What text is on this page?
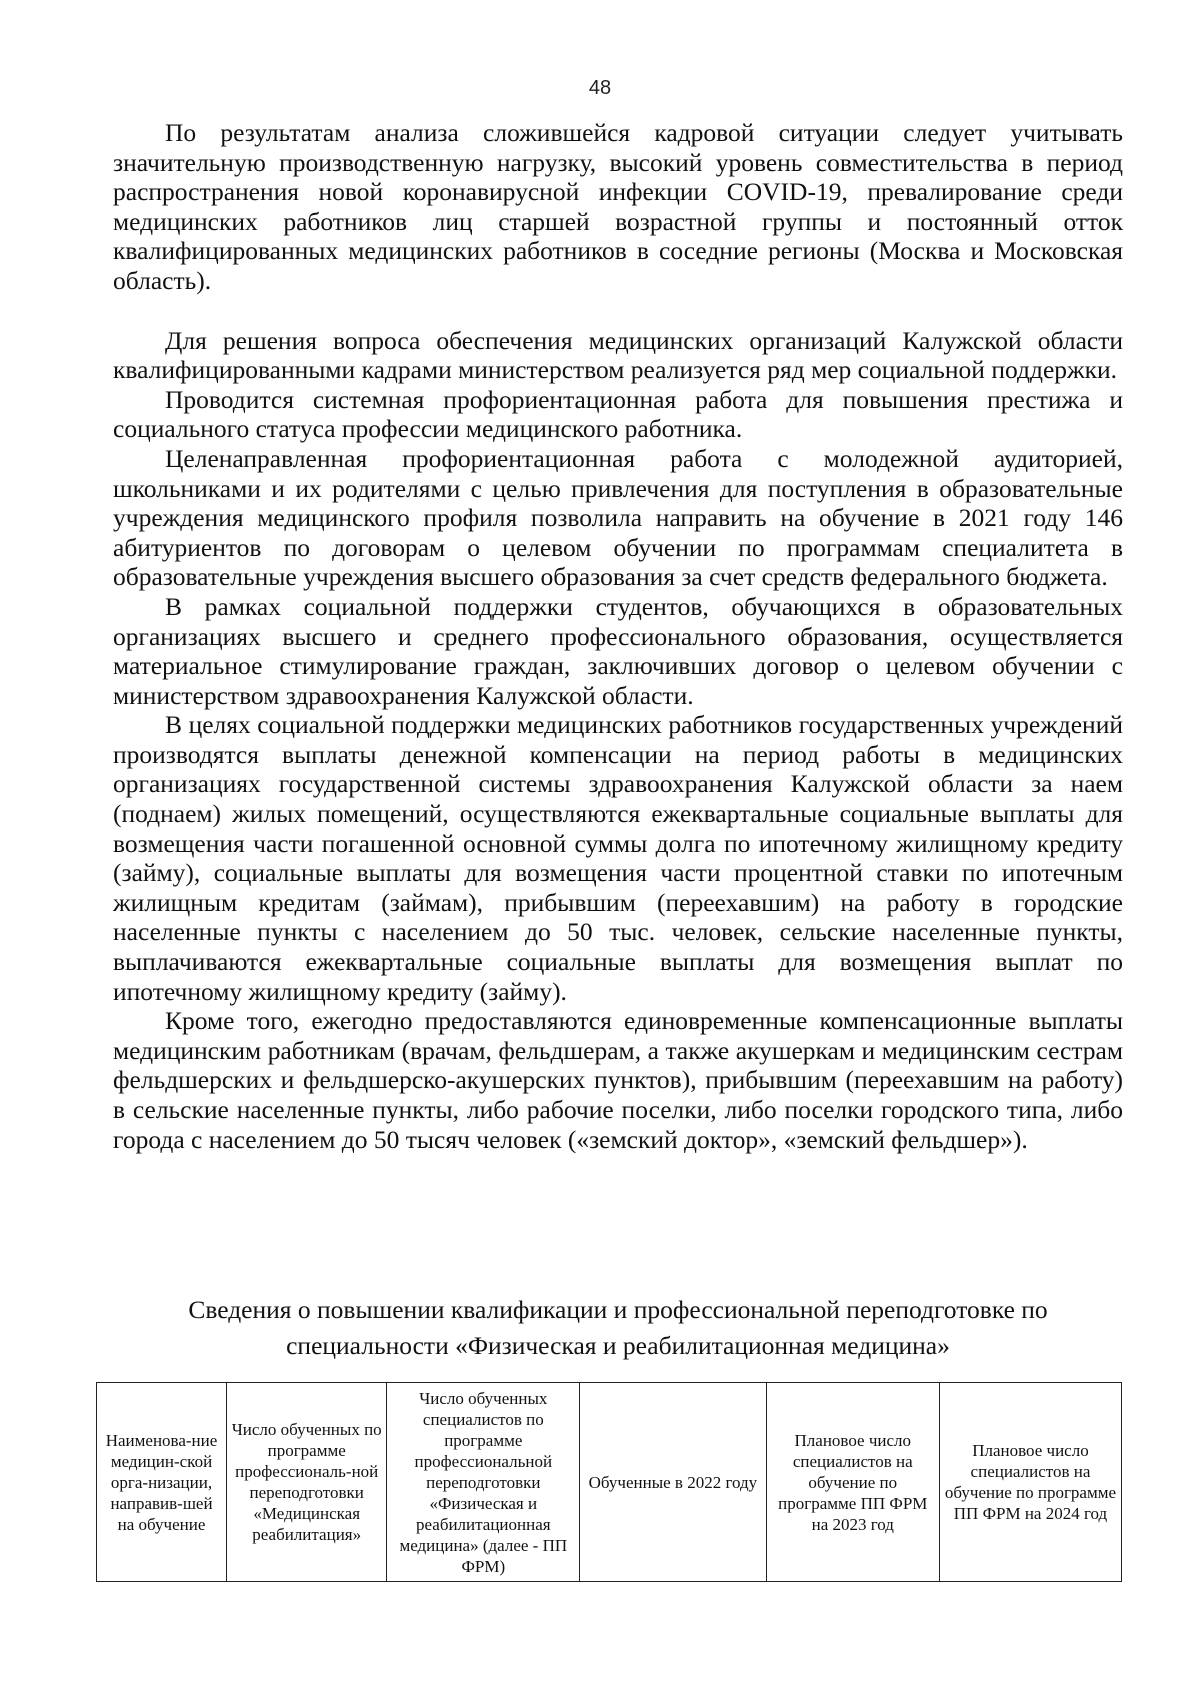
48

По результатам анализа сложившейся кадровой ситуации следует учитывать значительную производственную нагрузку, высокий уровень совместительства в период распространения новой коронавирусной инфекции COVID-19, превалирование среди медицинских работников лиц старшей возрастной группы и постоянный отток квалифицированных медицинских работников в соседние регионы (Москва и Московская область).

Для решения вопроса обеспечения медицинских организаций Калужской области квалифицированными кадрами министерством реализуется ряд мер социальной поддержки.

Проводится системная профориентационная работа для повышения престижа и социального статуса профессии медицинского работника.

Целенаправленная профориентационная работа с молодежной аудиторией, школьниками и их родителями с целью привлечения для поступления в образовательные учреждения медицинского профиля позволила направить на обучение в 2021 году 146 абитуриентов по договорам о целевом обучении по программам специалитета в образовательные учреждения высшего образования за счет средств федерального бюджета.

В рамках социальной поддержки студентов, обучающихся в образовательных организациях высшего и среднего профессионального образования, осуществляется материальное стимулирование граждан, заключивших договор о целевом обучении с министерством здравоохранения Калужской области.

В целях социальной поддержки медицинских работников государственных учреждений производятся выплаты денежной компенсации на период работы в медицинских организациях государственной системы здравоохранения Калужской области за наем (поднаем) жилых помещений, осуществляются ежеквартальные социальные выплаты для возмещения части погашенной основной суммы долга по ипотечному жилищному кредиту (займу), социальные выплаты для возмещения части процентной ставки по ипотечным жилищным кредитам (займам), прибывшим (переехавшим) на работу в городские населенные пункты с населением до 50 тыс. человек, сельские населенные пункты, выплачиваются ежеквартальные социальные выплаты для возмещения выплат по ипотечному жилищному кредиту (займу).

Кроме того, ежегодно предоставляются единовременные компенсационные выплаты медицинским работникам (врачам, фельдшерам, а также акушеркам и медицинским сестрам фельдшерских и фельдшерско-акушерских пунктов), прибывшим (переехавшим на работу) в сельские населенные пункты, либо рабочие поселки, либо поселки городского типа, либо города с населением до 50 тысяч человек («земский доктор», «земский фельдшер»).

Сведения о повышении квалификации и профессиональной переподготовке по
специальности «Физическая и реабилитационная медицина»
Наименова-ние медицин-ской орга-низации, направив-шей на обучение	Число обученных по программе профессиональ-ной переподготовки «Медицинская реабилитация»	Число обученных специалистов по программе профессиональной переподготовки «Физическая и реабилитационная медицина» (далее - ПП ФРМ)	Обученные в 2022 году	Плановое число специалистов на обучение по программе ПП ФРМ на 2023 год	Плановое число специалистов на обучение по программе ПП ФРМ на 2024 год
